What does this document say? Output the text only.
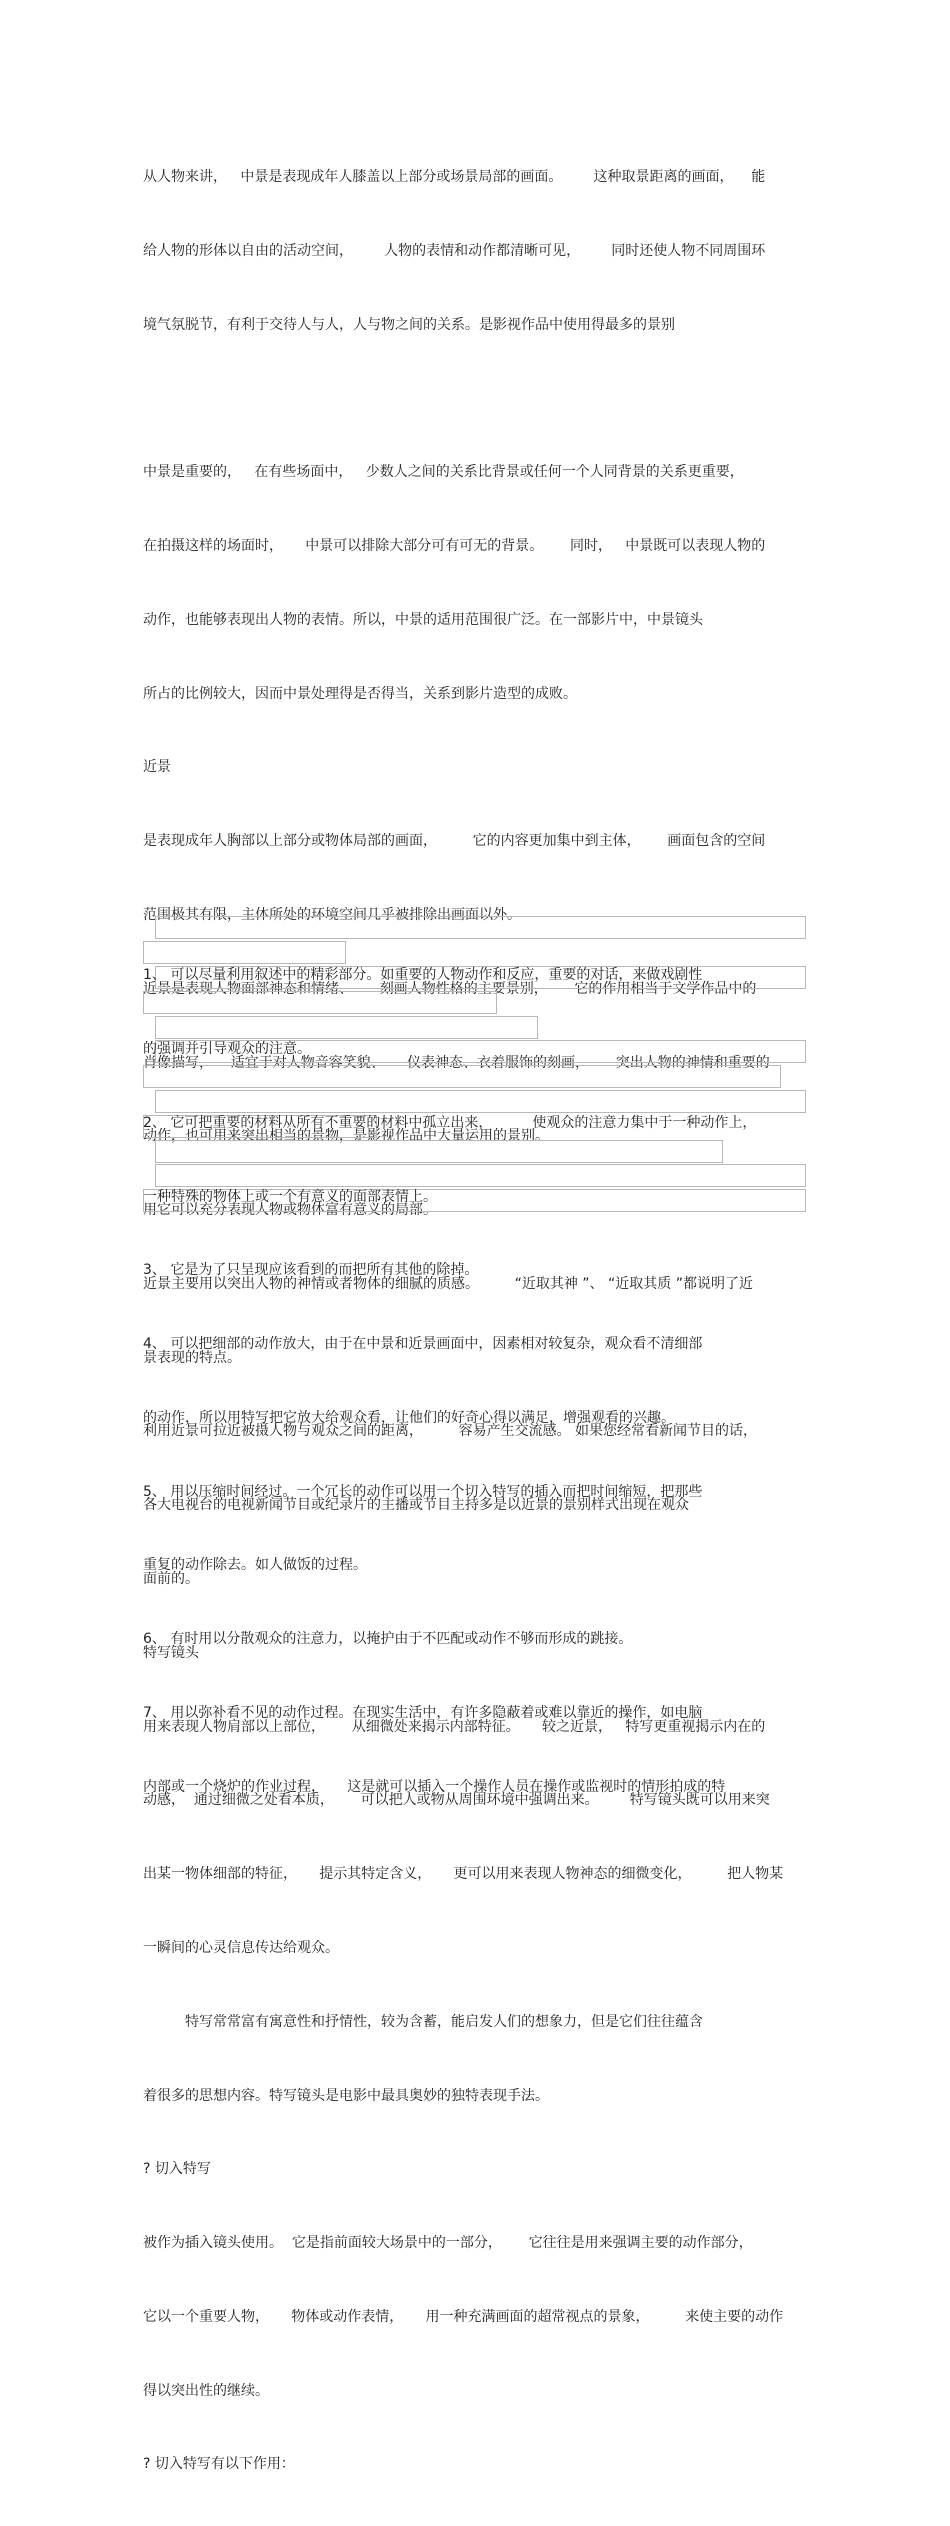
从人物来讲，   中景是表现成年人膝盖以上部分或场景局部的画面。       这种取景距离的画面，    能

给人物的形体以自由的活动空间，       人物的表情和动作都清晰可见，       同时还使人物不同周围环

境气氛脱节，有利于交待人与人，人与物之间的关系。是影视作品中使用得最多的景别

中景是重要的，   在有些场面中，   少数人之间的关系比背景或任何一个人同背景的关系更重要，

在拍摄这样的场面时，     中景可以排除大部分可有可无的背景。      同时，   中景既可以表现人物的

动作，也能够表现出人物的表情。所以，中景的适用范围很广泛。在一部影片中，中景镜头

所占的比例较大，因而中景处理得是否得当，关系到影片造型的成败。

近景

是表现成年人胸部以上部分或物体局部的画面，        它的内容更加集中到主体，      画面包含的空间

范围极其有限，主体所处的环境空间几乎被排除出画面以外。

近景是表现人物面部神态和情绪、      刻画人物性格的主要景别，      它的作用相当于文学作品中的

肖像描写，    适宜于对人物音容笑貌、     仪表神态、衣着服饰的刻画，      突出人物的神情和重要的

动作，也可用来突出相当的景物，是影视作品中大量运用的景别。

用它可以充分表现人物或物体富有意义的局部。

近景主要用以突出人物的神情或者物体的细腻的质感。        “近取其神 ”、 “近取其质 ”都说明了近

景表现的特点。

利用近景可拉近被摄人物与观众之间的距离，        容易产生交流感。 如果您经常看新闻节目的话，

各大电视台的电视新闻节目或纪录片的主播或节目主持多是以近景的景别样式出现在观众

面前的。

特写镜头

用来表现人物肩部以上部位，      从细微处来揭示内部特征。     较之近景，   特写更重视揭示内在的

动感，  通过细微之处看本质，      可以把人或物从周围环境中强调出来。       特写镜头既可以用来突

出某一物体细部的特征，     提示其特定含义，     更可以用来表现人物神态的细微变化，        把人物某

一瞬间的心灵信息传达给观众。

特写常常富有寓意性和抒情性，较为含蓄，能启发人们的想象力，但是它们往往蕴含

着很多的思想内容。特写镜头是电影中最具奥妙的独特表现手法。

? 切入特写

被作为插入镜头使用。  它是指前面较大场景中的一部分，      它往往是用来强调主要的动作部分，

它以一个重要人物，     物体或动作表情，     用一种充满画面的超常视点的景象，        来使主要的动作

得以突出性的继续。

? 切入特写有以下作用：

1、 可以尽量利用叙述中的精彩部分。如重要的人物动作和反应，重要的对话，来做戏剧性

的强调并引导观众的注意。

2、 它可把重要的材料从所有不重要的材料中孤立出来，         使观众的注意力集中于一种动作上，

一种特殊的物体上或一个有意义的面部表情上。

3、 它是为了只呈现应该看到的而把所有其他的除掉。

4、 可以把细部的动作放大，由于在中景和近景画面中，因素相对较复杂，观众看不清细部

的动作，所以用特写把它放大给观众看，让他们的好奇心得以满足，增强观看的兴趣。

5、 用以压缩时间经过。一个冗长的动作可以用一个切入特写的插入而把时间缩短，把那些

重复的动作除去。如人做饭的过程。

6、 有时用以分散观众的注意力，以掩护由于不匹配或动作不够而形成的跳接。

7、 用以弥补看不见的动作过程。在现实生活中，有许多隐蔽着或难以靠近的操作，如电脑

内部或一个烧炉的作业过程，     这是就可以插入一个操作人员在操作或监视时的情形拍成的特
